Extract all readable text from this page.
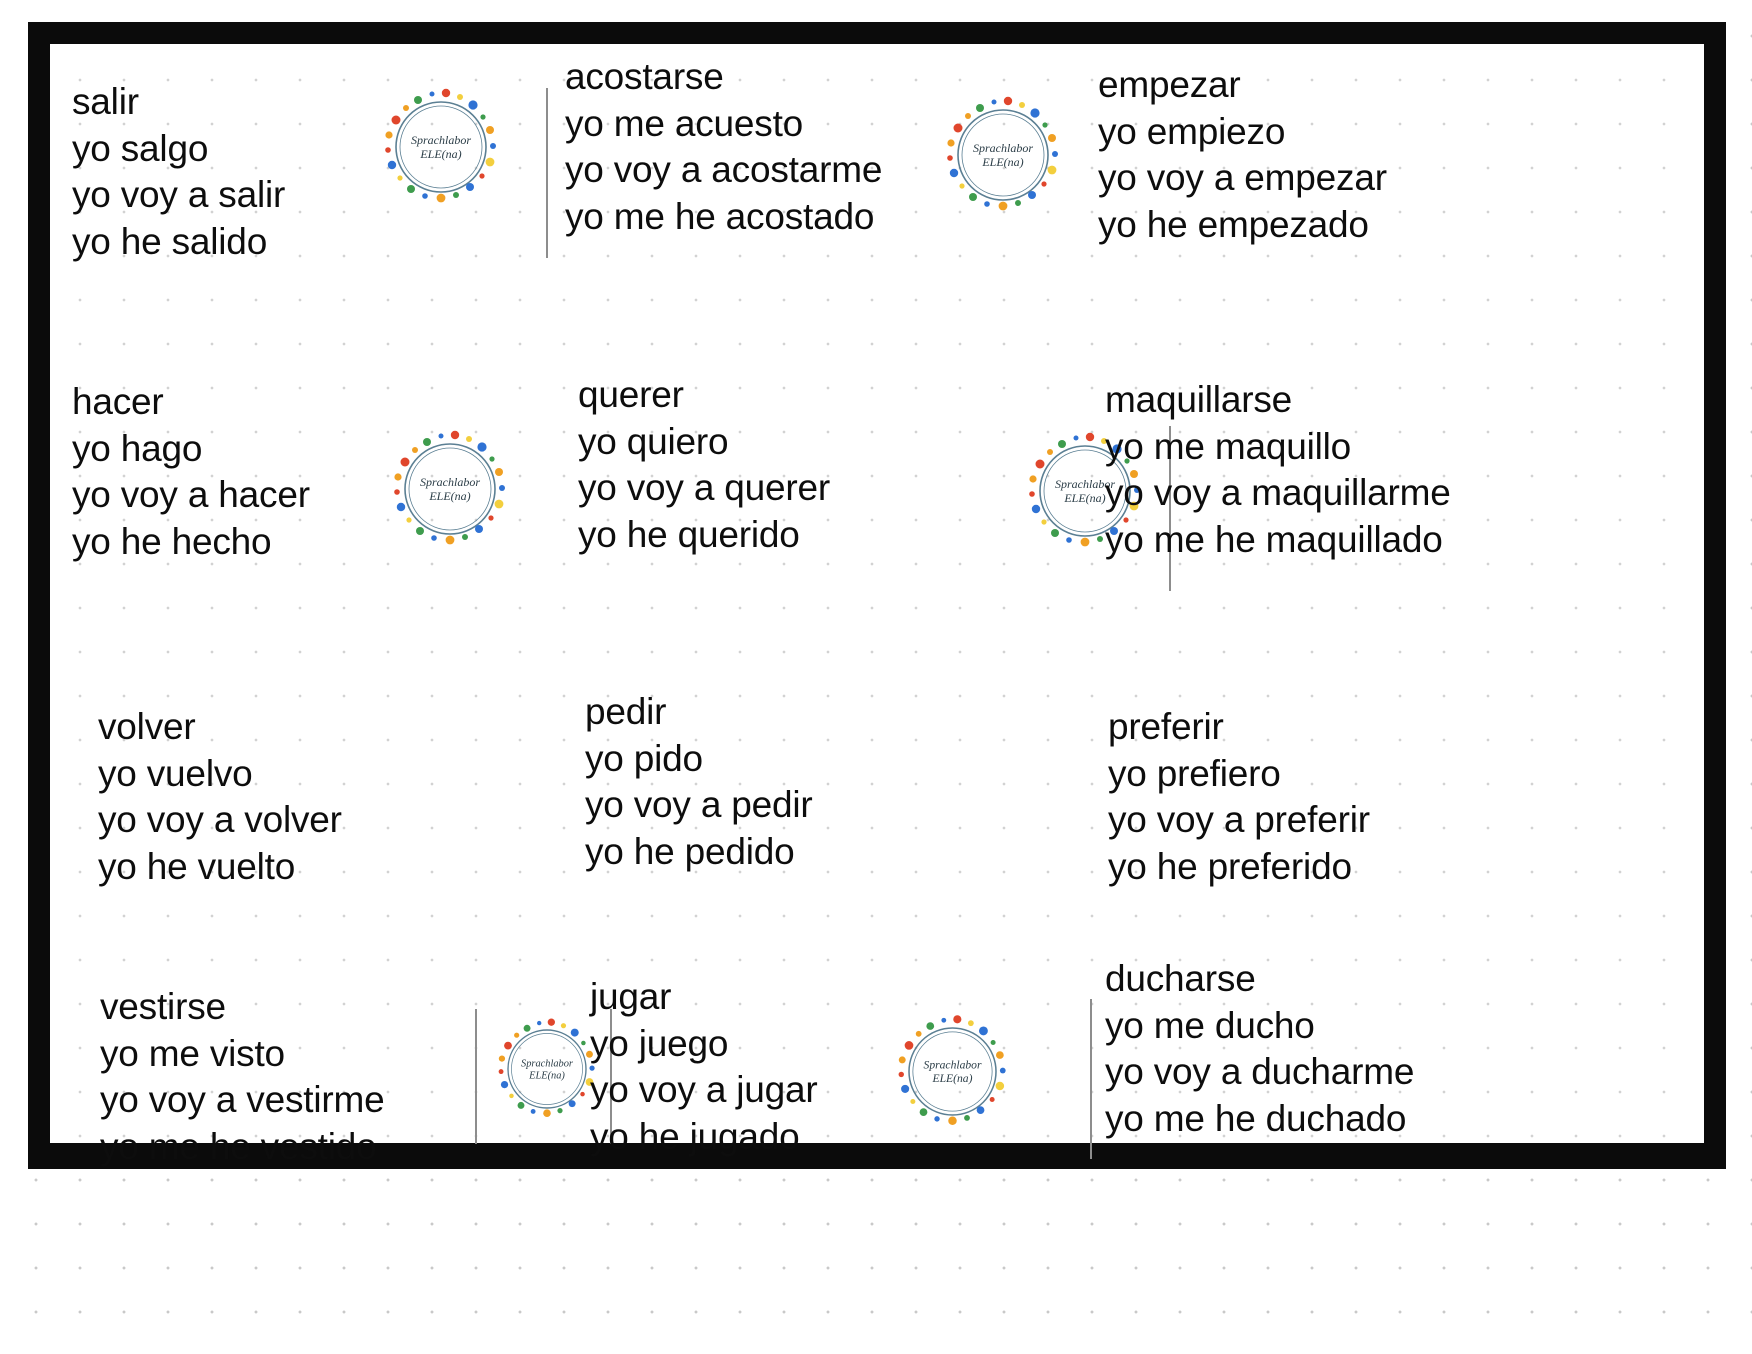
salir
yo salgo
yo voy a salir
yo he salido
Sprachlabor
ELE(na)
acostarse
yo me acuesto
yo voy a acostarme
yo me he acostado
Sprachlabor
ELE(na)
empezar
yo empiezo
yo voy a empezar
yo he empezado
hacer
yo hago
yo voy a hacer
yo he hecho
Sprachlabor
ELE(na)
querer
yo quiero
yo voy a querer
yo he querido
Sprachlabor
ELE(na)
maquillarse
yo me maquillo
yo voy a maquillarme
yo me he maquillado
volver
yo vuelvo
yo voy a volver
yo he vuelto
pedir
yo pido
yo voy a pedir
yo he pedido
preferir
yo prefiero
yo voy a preferir
yo he preferido
vestirse
yo me visto
yo voy a vestirme
yo me he vestido
Sprachlabor
ELE(na)
jugar
yo juego
yo voy a jugar
yo he jugado
Sprachlabor
ELE(na)
ducharse
yo me ducho
yo voy a ducharme
yo me he duchado
